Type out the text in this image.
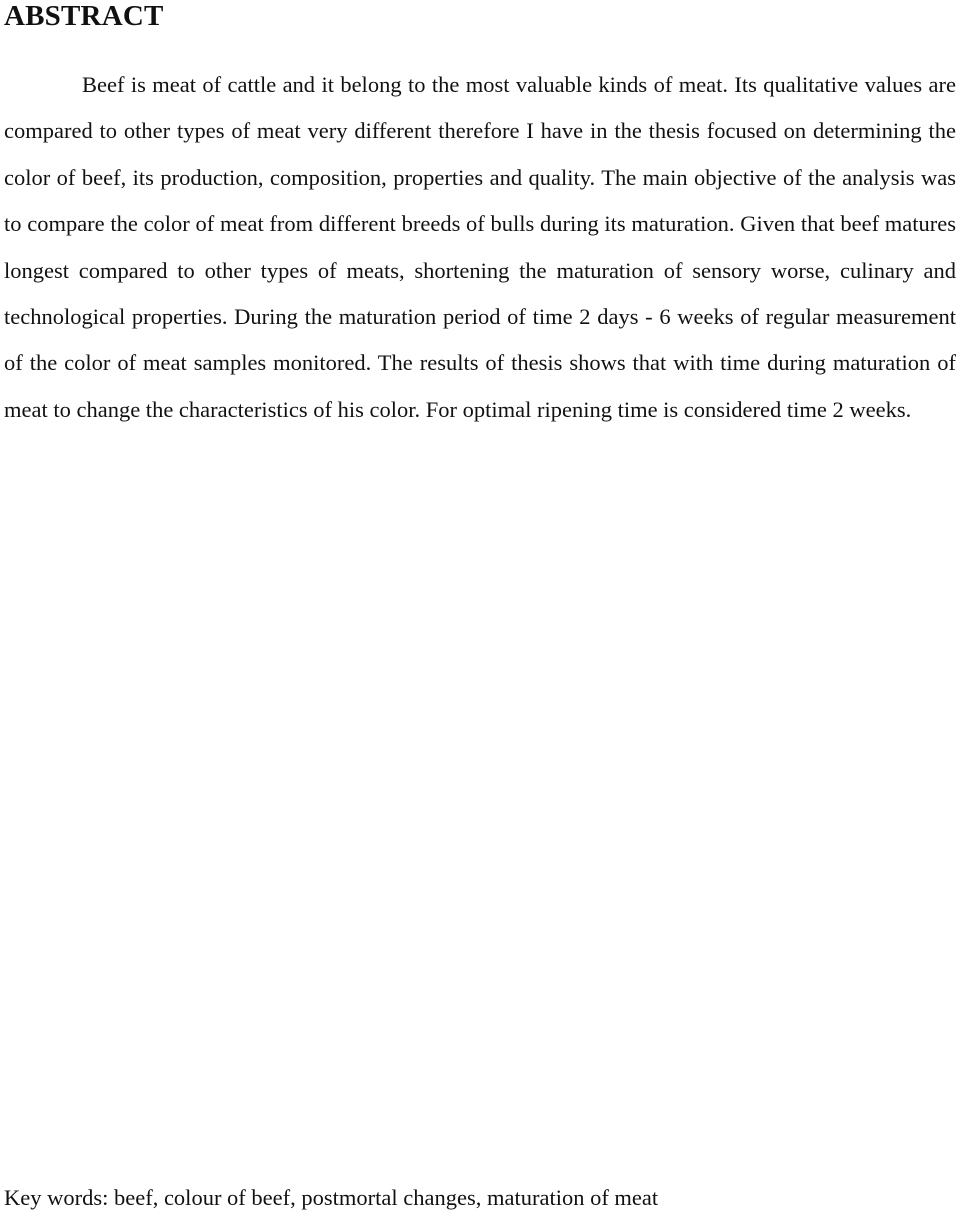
ABSTRACT

Beef is meat of cattle and it belong to the most valuable kinds of meat. Its qualitative values are compared to other types of meat very different therefore I have in the thesis focused on determining the color of beef, its production, composition, properties and quality. The main objective of the analysis was to compare the color of meat from different breeds of bulls during its maturation. Given that beef matures longest compared to other types of meats, shortening the maturation of sensory worse, culinary and technological properties. During the maturation period of time 2 days - 6 weeks of regular measurement of the color of meat samples monitored. The results of thesis shows that with time during maturation of meat to change the characteristics of his color. For optimal ripening time is considered time 2 weeks.

Key words: beef, colour of beef, postmortal changes, maturation of meat
